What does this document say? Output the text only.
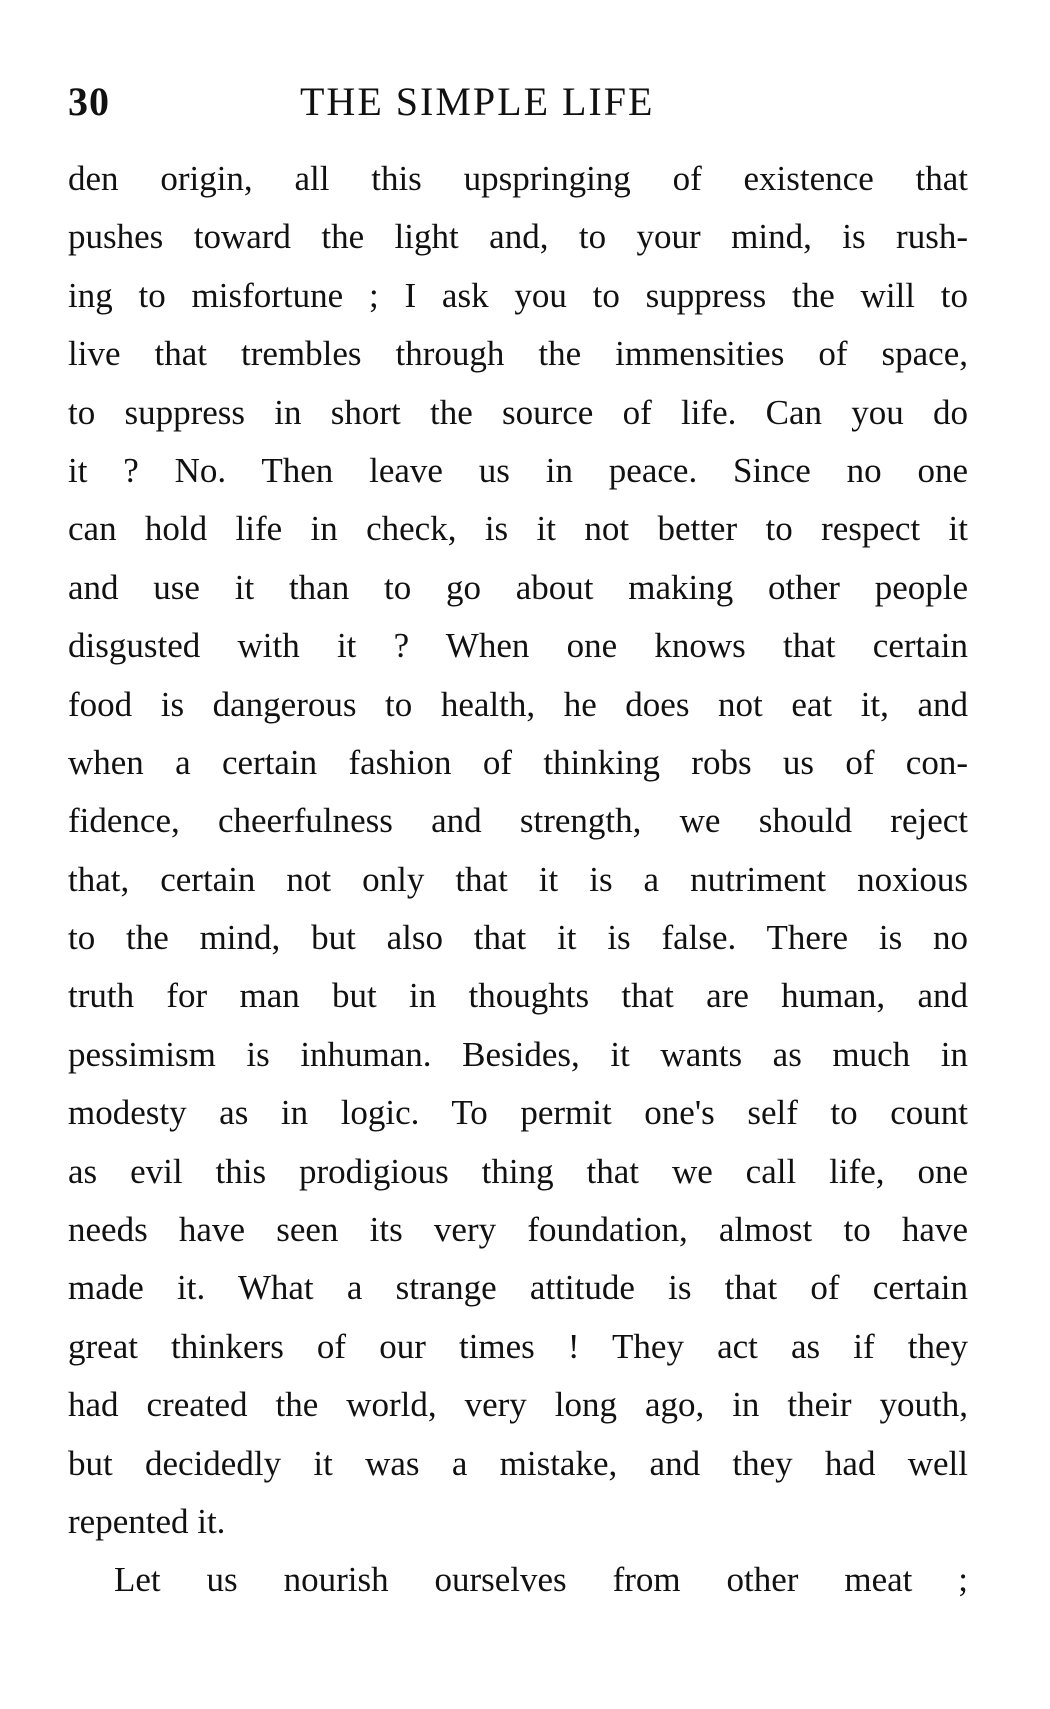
30	THE SIMPLE LIFE
den origin, all this upspringing of existence that
pushes toward the light and, to your mind, is rush-
ing to misfortune ; I ask you to suppress the will to
live that trembles through the immensities of space,
to suppress in short the source of life. Can you do
it ? No. Then leave us in peace. Since no one
can hold life in check, is it not better to respect it
and use it than to go about making other people
disgusted with it ? When one knows that certain
food is dangerous to health, he does not eat it, and
when a certain fashion of thinking robs us of con-
fidence, cheerfulness and strength, we should reject
that, certain not only that it is a nutriment noxious
to the mind, but also that it is false. There is no
truth for man but in thoughts that are human, and
pessimism is inhuman. Besides, it wants as much in
modesty as in logic. To permit one's self to count
as evil this prodigious thing that we call life, one
needs have seen its very foundation, almost to have
made it. What a strange attitude is that of certain
great thinkers of our times ! They act as if they
had created the world, very long ago, in their youth,
but decidedly it was a mistake, and they had well
repented it.
Let us nourish ourselves from other meat ;
